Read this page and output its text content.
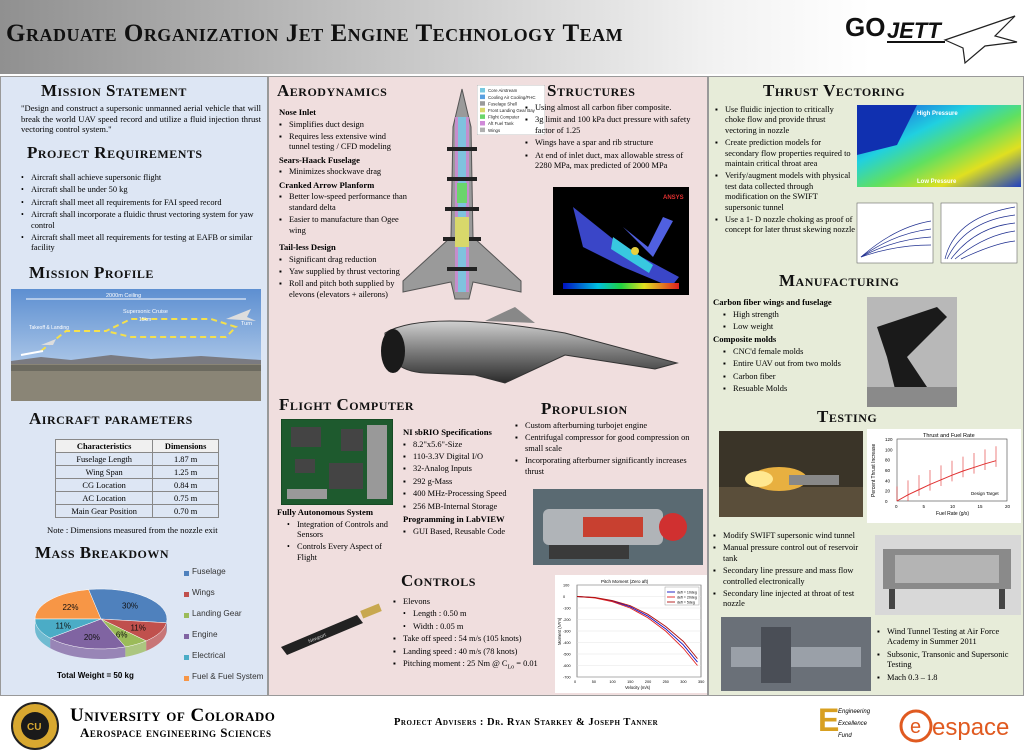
Graduate Organization Jet Engine Technology Team	GO JETT
Mission Statement
"Design and construct a supersonic unmanned aerial vehicle that will break the world UAV speed record and utilize a fluid injection thrust vectoring control system."
Project Requirements
• Aircraft shall achieve supersonic flight
• Aircraft shall be under 50 kg
• Aircraft shall meet all requirements for FAI speed record
• Aircraft shall incorporate a fluidic thrust vectoring system for yaw control
• Aircraft shall meet all requirements for testing at EAFB or similar facility
Mission Profile
2000m Ceiling
Takeoff & Landing
Supersonic Cruise
15km
Turn
Aircraft parameters
Characteristics	Dimensions
Fuselage Length	1.87 m
Wing Span	1.25 m
CG Location	0.84 m
AC Location	0.75 m
Main Gear Position	0.70 m
Note : Dimensions measured from the nozzle exit
Mass Breakdown
22%	30%
11%
6%
20%
11%
Total Weight = 50 kg
Fuselage
Wings
Landing Gear
Engine
Electrical
Fuel & Fuel System
Aerodynamics
Nose Inlet
▪ Simplifies duct design
▪ Requires less extensive wind tunnel testing / CFD modeling
Sears-Haack Fuselage
▪ Minimizes shockwave drag
Cranked Arrow Planform
▪ Better low-speed performance than standard delta
▪ Easier to manufacture than Ogee wing
Tail-less Design
▪ Significant drag reduction
▪ Yaw supplied by thrust vectoring
▪ Roll and pitch both supplied by elevons (elevators + ailerons)
Core Airstream
Cooling Air Cooling/FHC
Fuselage Shell
Front Landing Gear Bay
Flight Computer
Aft Fuel Tank
Wings
Structures
▪ Using almost all carbon fiber composite.
▪ 3g limit and 100 kPa duct pressure with safety factor of 1.25
▪ Wings have a spar and rib structure
▪ At end of inlet duct, max allowable stress of 2280 MPa, max predicted of 2000 MPa
ANSYS
Flight Computer
Fully Autonomous System
• Integration of Controls and Sensors
• Controls Every Aspect of Flight
NI sbRIO Specifications
▪ 8.2"x5.6"-Size
▪ 110-3.3V Digital I/O
▪ 32-Analog Inputs
▪ 292 g-Mass
▪ 400 MHz-Processing Speed
▪ 256 MB-Internal Storage
Programming in LabVIEW
▪ GUI Based, Reusable Code
Propulsion
▪ Custom afterburning turbojet engine
▪ Centrifugal compressor for good compression on small scale
▪ Incorporating afterburner significantly increases thrust
Controls
▪ Elevons
• Length : 0.50 m
• Width : 0.05 m
▪ Take off speed : 54 m/s (105 knots)
▪ Landing speed : 40 m/s (78 knots)
▪ Pitching moment : 25 Nm @ $C_{Lo} = 0.01$
Newport
Pitch Moment (Zero aft)
100
0
-100
-200
-300
-400
-500
-600
-700
0	50	100	150	200	250	300	350
Velocity (m/s)
Moment (N*m)
defl = 10deg
defl = 20deg
defl = 5deg
Thrust Vectoring
▪ Use fluidic injection to critically choke flow and provide thrust vectoring in nozzle
▪ Create prediction models for secondary flow properties required to maintain critical throat area
▪ Verify/augment models with physical test data collected through modification on the SWIFT supersonic tunnel
▪ Use a 1- D nozzle choking as proof of concept for later thrust skewing nozzle
High Pressure
Low Pressure
Manufacturing
Carbon fiber wings and fuselage
▪ High strength
▪ Low weight
Composite molds
▪ CNC'd female molds
▪ Entire UAV out from two molds
▪ Carbon fiber
▪ Resuable Molds
Testing
Thrust and Fuel Rate
0	5	10	15	20
0
20
40
60
80
100
120
Fuel Rate (g/s)
Percent Thrust Increase	Design Target
▪ Modify SWIFT supersonic wind tunnel
▪ Manual pressure control out of reservoir tank
▪ Secondary line pressure and mass flow controlled electronically
▪ Secondary line injected at throat of test nozzle
▪ Wind Tunnel Testing at Air Force Academy in Summer 2011
▪ Subsonic, Transonic and Supersonic Testing
▪ Mach 0.3 – 1.8
CU
University of Colorado
Aerospace engineering Sciences
Project Advisers : Dr. Ryan Starkey & Joseph Tanner	E
Engineering
Excellence
Fund	e espace
